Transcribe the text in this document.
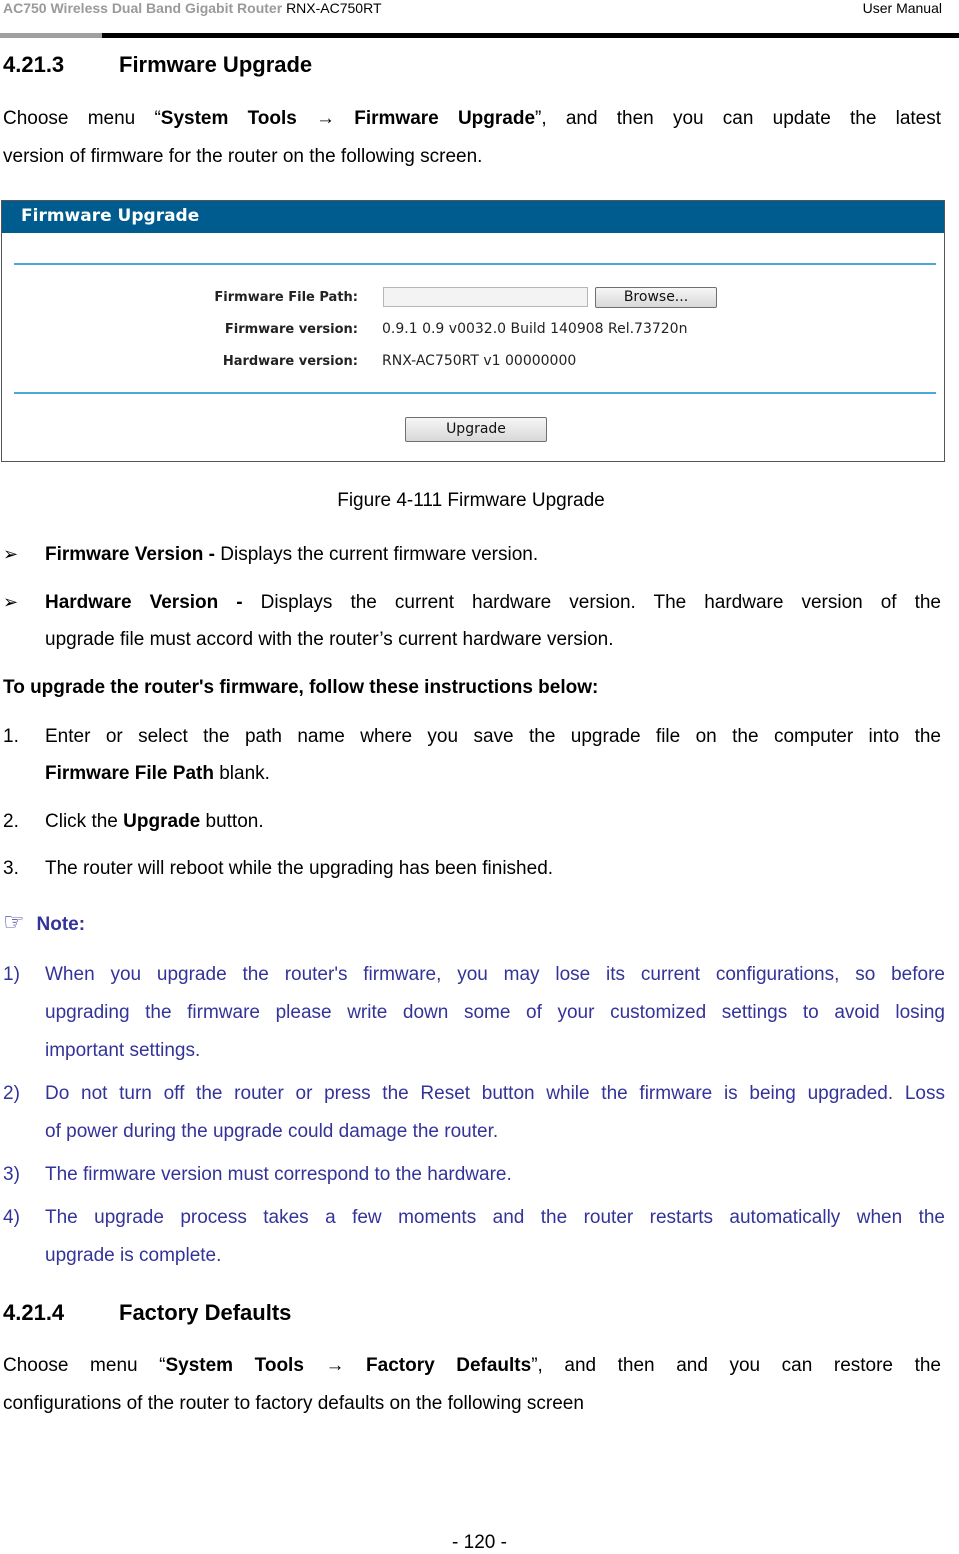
AC750 Wireless Dual Band Gigabit Router RNX-AC750RT	User Manual
4.21.3 Firmware Upgrade
Choose menu “System Tools → Firmware Upgrade”, and then you can update the latest
version of firmware for the router on the following screen.
Firmware Upgrade
Firmware File Path:	Browse...
Firmware version: 0.9.1 0.9 v0032.0 Build 140908 Rel.73720n
Hardware version: RNX-AC750RT v1 00000000
Upgrade
Figure 4-111 Firmware Upgrade
➢ Firmware Version - Displays the current firmware version.
➢ Hardware Version - Displays the current hardware version. The hardware version of the
upgrade file must accord with the router’s current hardware version.
To upgrade the router's firmware, follow these instructions below:
1. Enter or select the path name where you save the upgrade file on the computer into the
Firmware File Path blank.
2. Click the Upgrade button.
3. The router will reboot while the upgrading has been finished.
☞ Note:
1) When you upgrade the router's firmware, you may lose its current configurations, so before
upgrading the firmware please write down some of your customized settings to avoid losing
important settings.
2) Do not turn off the router or press the Reset button while the firmware is being upgraded. Loss
of power during the upgrade could damage the router.
3) The firmware version must correspond to the hardware.
4) The upgrade process takes a few moments and the router restarts automatically when the
upgrade is complete.
4.21.4 Factory Defaults
Choose menu “System Tools → Factory Defaults”, and then and you can restore the
configurations of the router to factory defaults on the following screen
- 120 -
